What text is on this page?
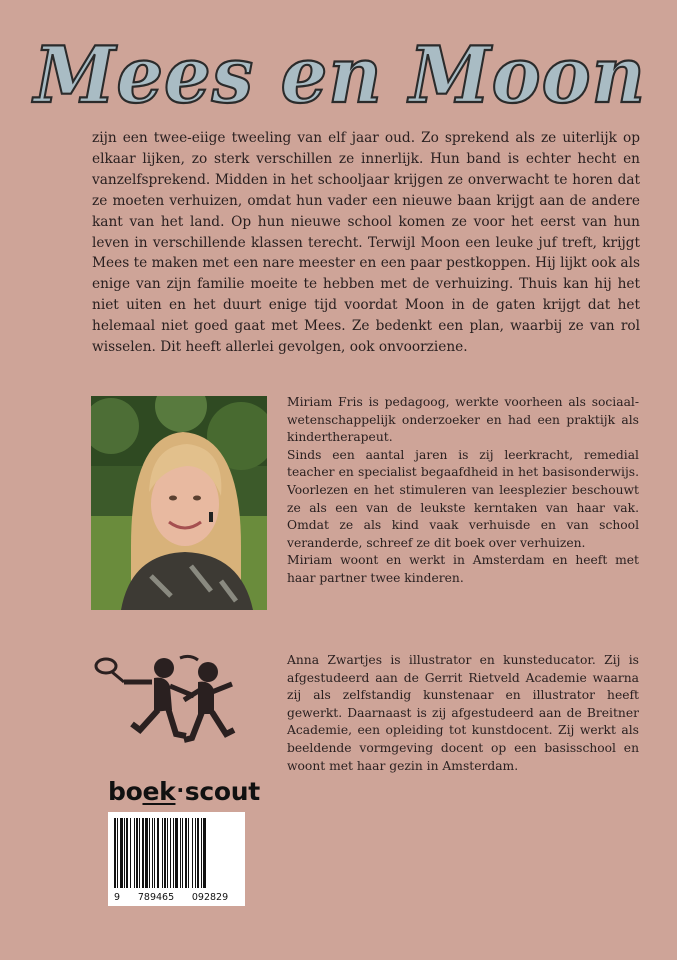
Mees en Moon

zijn een twee-eiige tweeling van elf jaar oud. Zo sprekend als ze uiterlijk op elkaar lijken, zo sterk verschillen ze innerlijk. Hun band is echter hecht en vanzelfsprekend. Midden in het schooljaar krijgen ze onverwacht te horen dat ze moeten verhuizen, omdat hun vader een nieuwe baan krijgt aan de andere kant van het land. Op hun nieuwe school komen ze voor het eerst van hun leven in verschillende klassen terecht. Terwijl Moon een leuke juf treft, krijgt Mees te maken met een nare meester en een paar pestkoppen. Hij lijkt ook als enige van zijn familie moeite te hebben met de verhuizing. Thuis kan hij het niet uiten en het duurt enige tijd voordat Moon in de gaten krijgt dat het helemaal niet goed gaat met Mees. Ze bedenkt een plan, waarbij ze van rol wisselen. Dit heeft allerlei gevolgen, ook onvoorziene.

Miriam Fris is pedagoog, werkte voorheen als sociaal-wetenschappelijk onderzoeker en had een praktijk als kindertherapeut.

Sinds een aantal jaren is zij leerkracht, remedial teacher en specialist begaafdheid in het basisonderwijs. Voorlezen en het stimuleren van leesplezier beschouwt ze als een van de leukste kerntaken van haar vak. Omdat ze als kind vaak verhuisde en van school veranderde, schreef ze dit boek over verhuizen.

Miriam woont en werkt in Amsterdam en heeft met haar partner twee kinderen.

boek·scout
9	789465	092829
Anna Zwartjes is illustrator en kunsteducator. Zij is afgestudeerd aan de Gerrit Rietveld Academie waarna zij als zelfstandig kunstenaar en illustrator heeft gewerkt. Daarnaast is zij afgestudeerd aan de Breitner Academie, een opleiding tot kunstdocent. Zij werkt als beeldende vormgeving docent op een basisschool en woont met haar gezin in Amsterdam.
